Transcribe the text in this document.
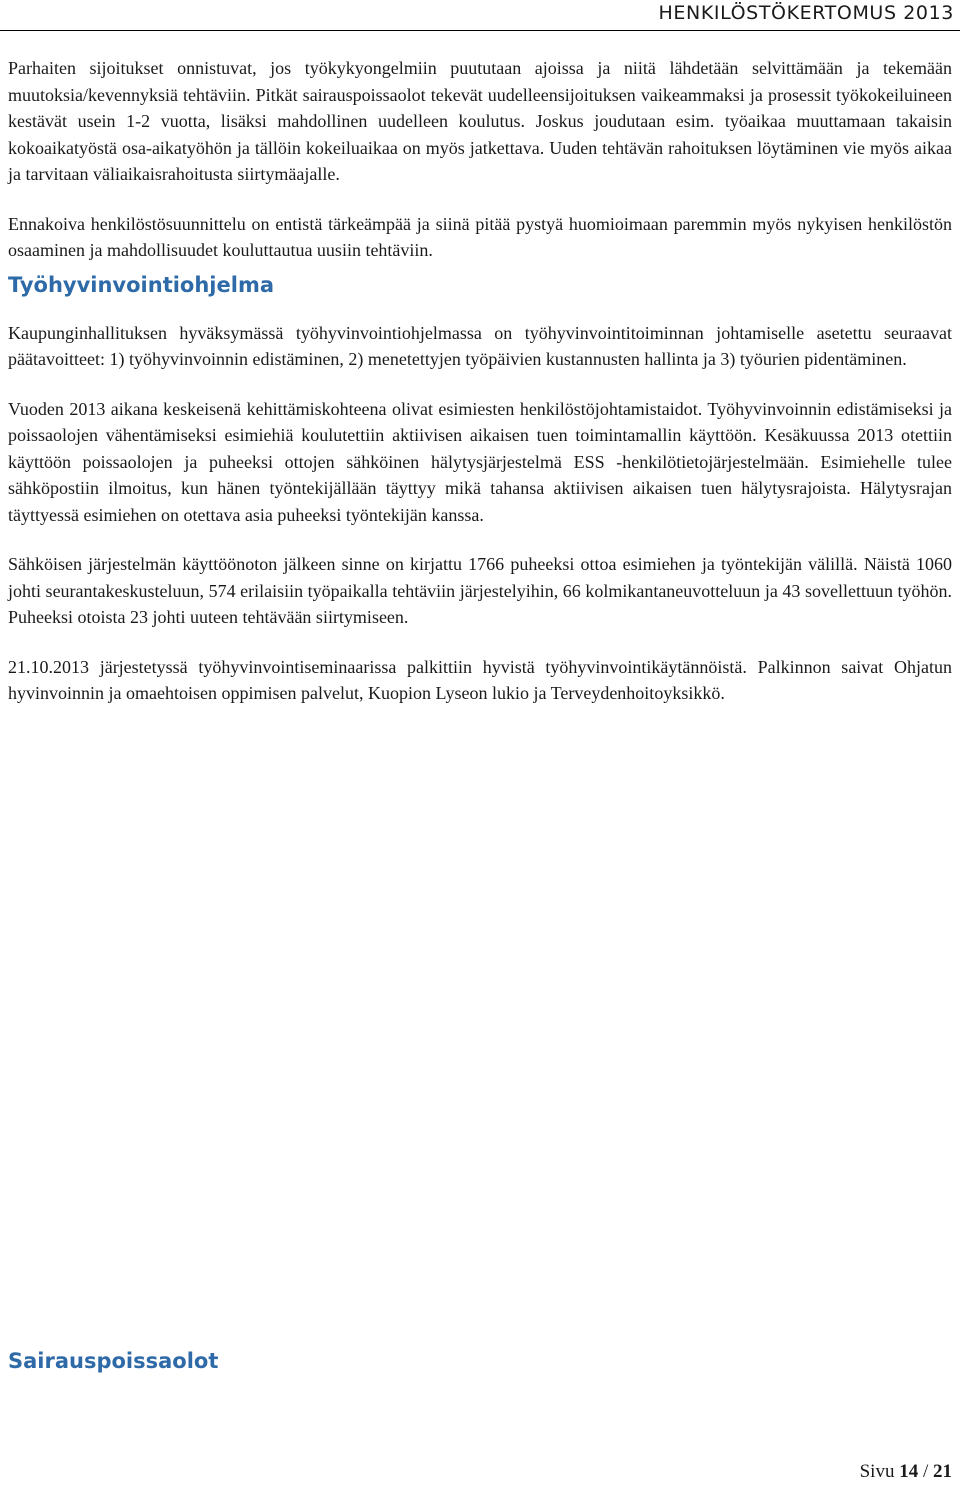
HENKILÖSTÖKERTOMUS 2013

Parhaiten sijoitukset onnistuvat, jos työkykyongelmiin puututaan ajoissa ja niitä lähdetään selvittämään ja tekemään muutoksia/kevennyksiä tehtäviin. Pitkät sairauspoissaolot tekevät uudelleensijoituksen vaikeammaksi ja prosessit työkokeiluineen kestävät usein 1-2 vuotta, lisäksi mahdollinen uudelleen koulutus. Joskus joudutaan esim. työaikaa muuttamaan takaisin kokoaikatyöstä osa-aikatyöhön ja tällöin kokeiluaikaa on myös jatkettava. Uuden tehtävän rahoituksen löytäminen vie myös aikaa ja tarvitaan väliaikaisrahoitusta siirtymäajalle.

Ennakoiva henkilöstösuunnittelu on entistä tärkeämpää ja siinä pitää pystyä huomioimaan paremmin myös nykyisen henkilöstön osaaminen ja mahdollisuudet kouluttautua uusiin tehtäviin.

Työhyvinvointiohjelma

Kaupunginhallituksen hyväksymässä työhyvinvointiohjelmassa on työhyvinvointitoiminnan johtamiselle asetettu seuraavat päätavoitteet: 1) työhyvinvoinnin edistäminen, 2) menetettyjen työpäivien kustannusten hallinta ja 3) työurien pidentäminen.

Vuoden 2013 aikana keskeisenä kehittämiskohteena olivat esimiesten henkilöstöjohtamistaidot. Työhyvinvoinnin edistämiseksi ja poissaolojen vähentämiseksi esimiehiä koulutettiin aktiivisen aikaisen tuen toimintamallin käyttöön. Kesäkuussa 2013 otettiin käyttöön poissaolojen ja puheeksi ottojen sähköinen hälytysjärjestelmä ESS -henkilötietojärjestelmään. Esimiehelle tulee sähköpostiin ilmoitus, kun hänen työntekijällään täyttyy mikä tahansa aktiivisen aikaisen tuen hälytysrajoista. Hälytysrajan täyttyessä esimiehen on otettava asia puheeksi työntekijän kanssa.

Sähköisen järjestelmän käyttöönoton jälkeen sinne on kirjattu 1766 puheeksi ottoa esimiehen ja työntekijän välillä. Näistä 1060 johti seurantakeskusteluun, 574 erilaisiin työpaikalla tehtäviin järjestelyihin, 66 kolmikantaneuvotteluun ja 43 sovellettuun työhön. Puheeksi otoista 23 johti uuteen tehtävään siirtymiseen.

21.10.2013 järjestetyssä työhyvinvointiseminaarissa palkittiin hyvistä työhyvinvointikäytännöistä. Palkinnon saivat Ohjatun hyvinvoinnin ja omaehtoisen oppimisen palvelut, Kuopion Lyseon lukio ja Terveydenhoitoyksikkö.

Sairauspoissaolot
Sivu 14 / 21
